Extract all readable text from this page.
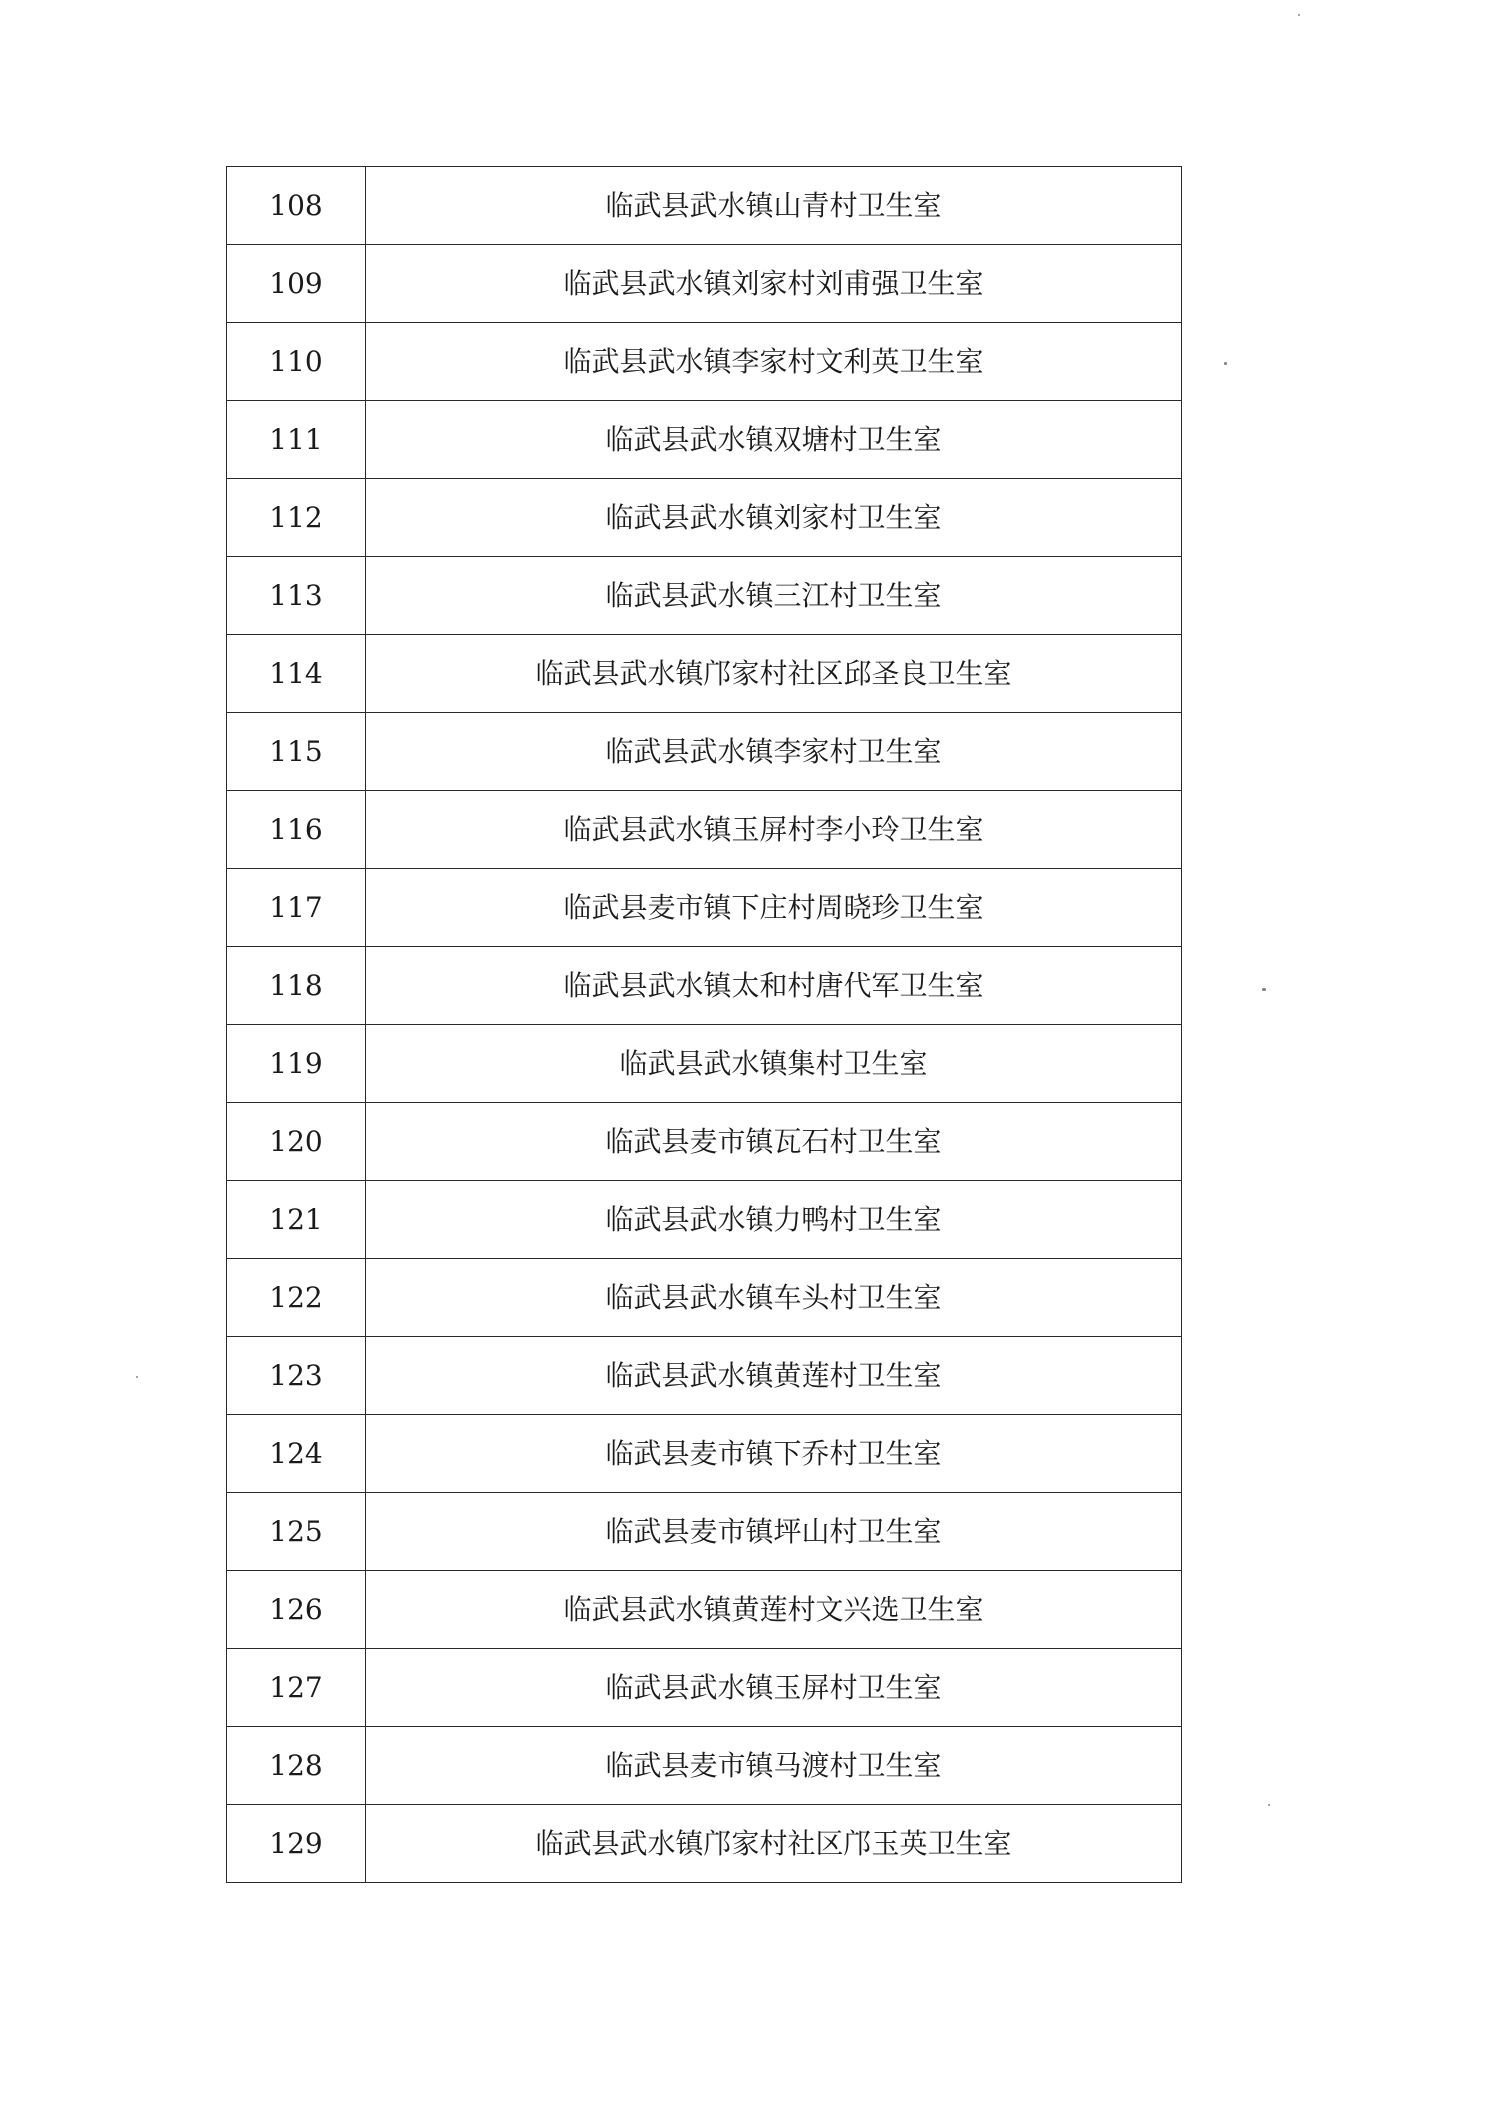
108	临武县武水镇山青村卫生室
109	临武县武水镇刘家村刘甫强卫生室
110	临武县武水镇李家村文利英卫生室
111	临武县武水镇双塘村卫生室
112	临武县武水镇刘家村卫生室
113	临武县武水镇三江村卫生室
114	临武县武水镇邝家村社区邱圣良卫生室
115	临武县武水镇李家村卫生室
116	临武县武水镇玉屏村李小玲卫生室
117	临武县麦市镇下庄村周晓珍卫生室
118	临武县武水镇太和村唐代军卫生室
119	临武县武水镇集村卫生室
120	临武县麦市镇瓦石村卫生室
121	临武县武水镇力鸭村卫生室
122	临武县武水镇车头村卫生室
123	临武县武水镇黄莲村卫生室
124	临武县麦市镇下乔村卫生室
125	临武县麦市镇坪山村卫生室
126	临武县武水镇黄莲村文兴选卫生室
127	临武县武水镇玉屏村卫生室
128	临武县麦市镇马渡村卫生室
129	临武县武水镇邝家村社区邝玉英卫生室
